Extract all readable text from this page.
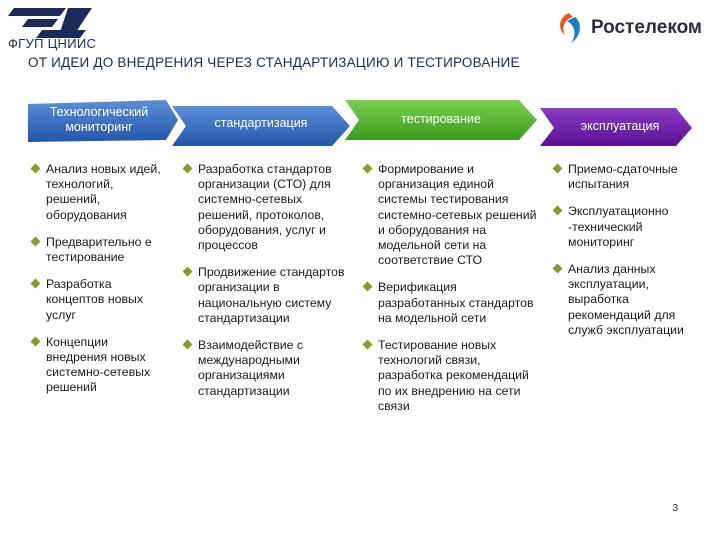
ФГУП ЦНИИС
Ростелеком
ОТ ИДЕИ ДО ВНЕДРЕНИЯ ЧЕРЕЗ СТАНДАРТИЗАЦИЮ И ТЕСТИРОВАНИЕ
Технологический мониторинг	стандартизация	тестирование	эксплуатация
Анализ новых идей, технологий, решений, оборудования
Предварительно е тестирование
Разработка концептов новых услуг
Концепции внедрения новых системно-сетевых решений
Разработка стандартов организации (СТО) для системно-сетевых решений, протоколов, оборудования, услуг и процессов
Продвижение стандартов организации в национальную систему стандартизации
Взаимодействие с международными организациями стандартизации
Формирование и организация единой системы тестирования системно-сетевых решений и оборудования на модельной сети на соответствие СТО
Верификация разработанных стандартов на модельной сети
Тестирование новых технологий связи, разработка рекомендаций по их внедрению на сети связи
Приемо-сдаточные испытания
Эксплуатационно -технический мониторинг
Анализ данных эксплуатации, выработка рекомендаций для служб эксплуатации
3
